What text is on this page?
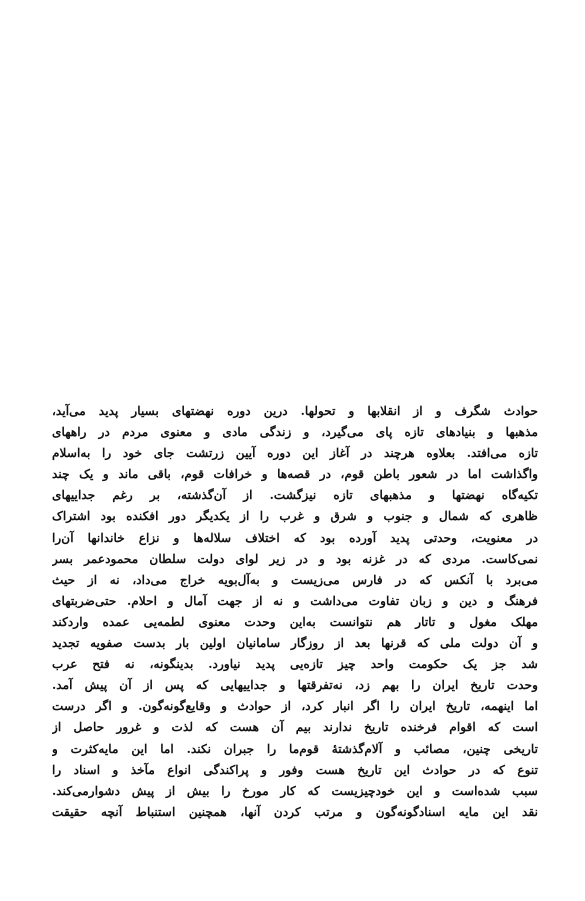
حوادث شگرف و از انقلابها و تحولها. درین دوره نهضتهای بسیار پدید می‌آید،
مذهبها و بنیادهای تازه پای می‌گیرد، و زندگی مادی و معنوی مردم در راههای
تازه می‌افتد. بعلاوه هرچند در آغاز این دوره آیین زرتشت جای خود را به‌اسلام
واگذاشت اما در شعور باطن قوم، در قصه‌ها و خرافات قوم، باقی ماند و یک چند
تکیه‌گاه نهضتها و مذهبهای تازه نیزگشت. از آن‌گذشته، بر رغم جداییهای
ظاهری که شمال و جنوب و شرق و غرب را از یکدیگر دور افکنده بود اشتراک
در معنویت، وحدتی پدید آورده بود که اختلاف سلاله‌ها و نزاع خاندانها آن‌را
نمی‌کاست. مردی که در غزنه بود و در زیر لوای دولت سلطان محمودعمر بسر
می‌برد با آنکس که در فارس می‌زیست و به‌آل‌بویه خراج می‌داد، نه از حیث
فرهنگ و دین و زبان تفاوت می‌داشت و نه از جهت آمال و احلام. حتی‌ضربتهای
مهلک مغول و تاتار هم نتوانست به‌این وحدت معنوی لطمه‌یی عمده واردکند
و آن دولت ملی که قرنها بعد از روزگار سامانیان اولین بار بدست صفویه تجدید
شد جز یک حکومت واحد چیز تازه‌یی پدید نیاورد. بدینگونه، نه فتح عرب
وحدت تاریخ ایران را بهم زد، نه‌تفرقتها و جداییهایی که پس از آن پیش آمد.
اما اینهمه، تاریخ ایران را اگر انبار کرد، از حوادث و وقایع‌گونه‌گون. و اگر درست
است که اقوام فرخنده تاریخ ندارند بیم آن هست که لذت و غرور حاصل از
تاریخی چنین، مصائب و آلام‌گذشتهٔ قوم‌ما را جبران نکند. اما این مایه‌کثرت و
تنوع که در حوادث این تاریخ هست وفور و پراکندگی انواع مآخذ و اسناد را
سبب شده‌است و این خودچیزیست که کار مورخ را بیش از پیش دشوارمی‌کند.
نقد این مایه اسنادگونه‌گون و مرتب کردن آنها، همچنین استنباط آنچه حقیقت
